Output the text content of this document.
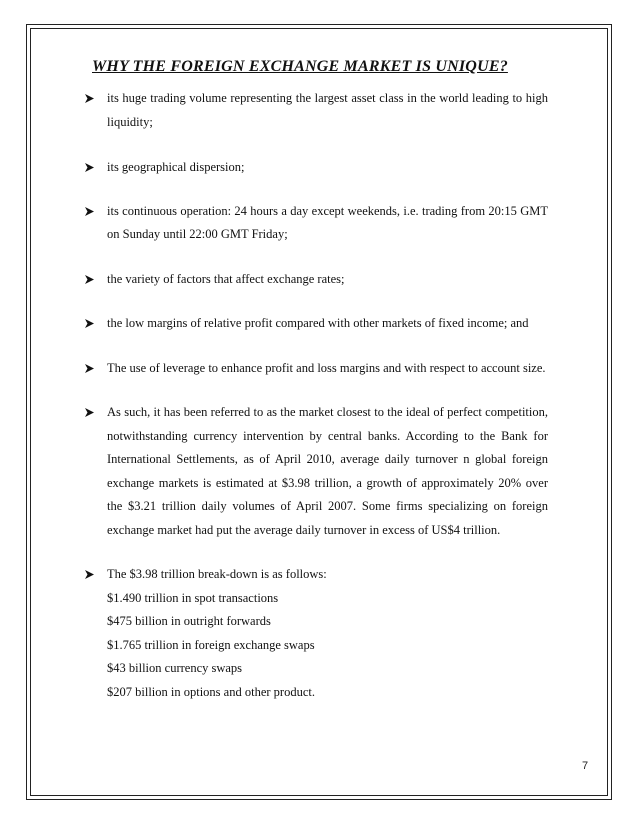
WHY THE FOREIGN EXCHANGE MARKET IS UNIQUE?
its huge trading volume representing the largest asset class in the world leading to high liquidity;
its geographical dispersion;
its continuous operation: 24 hours a day except weekends, i.e. trading from 20:15 GMT on Sunday until 22:00 GMT Friday;
the variety of factors that affect exchange rates;
the low margins of relative profit compared with other markets of fixed income; and
The use of leverage to enhance profit and loss margins and with respect to account size.
As such, it has been referred to as the market closest to the ideal of perfect competition, notwithstanding currency intervention by central banks. According to the Bank for International Settlements, as of April 2010, average daily turnover n global foreign exchange markets is estimated at $3.98 trillion, a growth of approximately 20% over the $3.21 trillion daily volumes of April 2007. Some firms specializing on foreign exchange market had put the average daily turnover in excess of US$4 trillion.
The $3.98 trillion break-down is as follows:
$1.490 trillion in spot transactions
$475 billion in outright forwards
$1.765 trillion in foreign exchange swaps
$43 billion currency swaps
$207 billion in options and other product.
7
